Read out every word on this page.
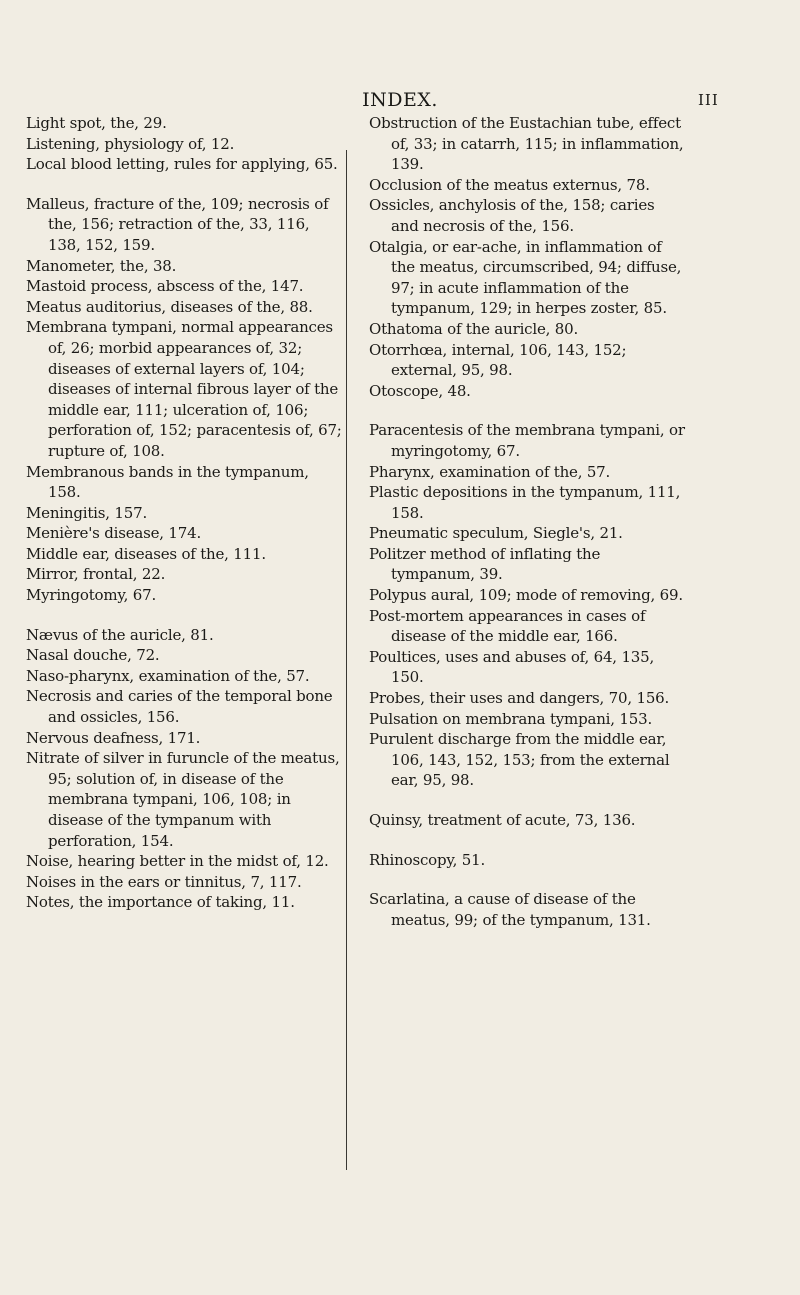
INDEX.	III

Light spot, the, 29.

Listening, physiology of, 12.

Local blood letting, rules for applying, 65.

Malleus, fracture of the, 109; necrosis of the, 156; retraction of the, 33, 116, 138, 152, 159.

Manometer, the, 38.

Mastoid process, abscess of the, 147.

Meatus auditorius, diseases of the, 88.

Membrana tympani, normal appearances of, 26; morbid appearances of, 32; diseases of external layers of, 104; diseases of internal fibrous layer of the middle ear, 111; ulceration of, 106; perforation of, 152; paracentesis of, 67; rupture of, 108.

Membranous bands in the tympanum, 158.

Meningitis, 157.

Menière's disease, 174.

Middle ear, diseases of the, 111.

Mirror, frontal, 22.

Myringotomy, 67.

Nævus of the auricle, 81.

Nasal douche, 72.

Naso-pharynx, examination of the, 57.

Necrosis and caries of the temporal bone and ossicles, 156.

Nervous deafness, 171.

Nitrate of silver in furuncle of the meatus, 95; solution of, in disease of the membrana tympani, 106, 108; in disease of the tympanum with perforation, 154.

Noise, hearing better in the midst of, 12.

Noises in the ears or tinnitus, 7, 117.

Notes, the importance of taking, 11.

Obstruction of the Eustachian tube, effect of, 33; in catarrh, 115; in inflammation, 139.

Occlusion of the meatus externus, 78.

Ossicles, anchylosis of the, 158; caries and necrosis of the, 156.

Otalgia, or ear-ache, in inflammation of the meatus, circumscribed, 94; diffuse, 97; in acute inflammation of the tympanum, 129; in herpes zoster, 85.

Othatoma of the auricle, 80.

Otorrhœa, internal, 106, 143, 152; external, 95, 98.

Otoscope, 48.

Paracentesis of the membrana tympani, or myringotomy, 67.

Pharynx, examination of the, 57.

Plastic depositions in the tympanum, 111, 158.

Pneumatic speculum, Siegle's, 21.

Politzer method of inflating the tympanum, 39.

Polypus aural, 109; mode of removing, 69.

Post-mortem appearances in cases of disease of the middle ear, 166.

Poultices, uses and abuses of, 64, 135, 150.

Probes, their uses and dangers, 70, 156.

Pulsation on membrana tympani, 153.

Purulent discharge from the middle ear, 106, 143, 152, 153; from the external ear, 95, 98.

Quinsy, treatment of acute, 73, 136.

Rhinoscopy, 51.

Scarlatina, a cause of disease of the meatus, 99; of the tympanum, 131.
